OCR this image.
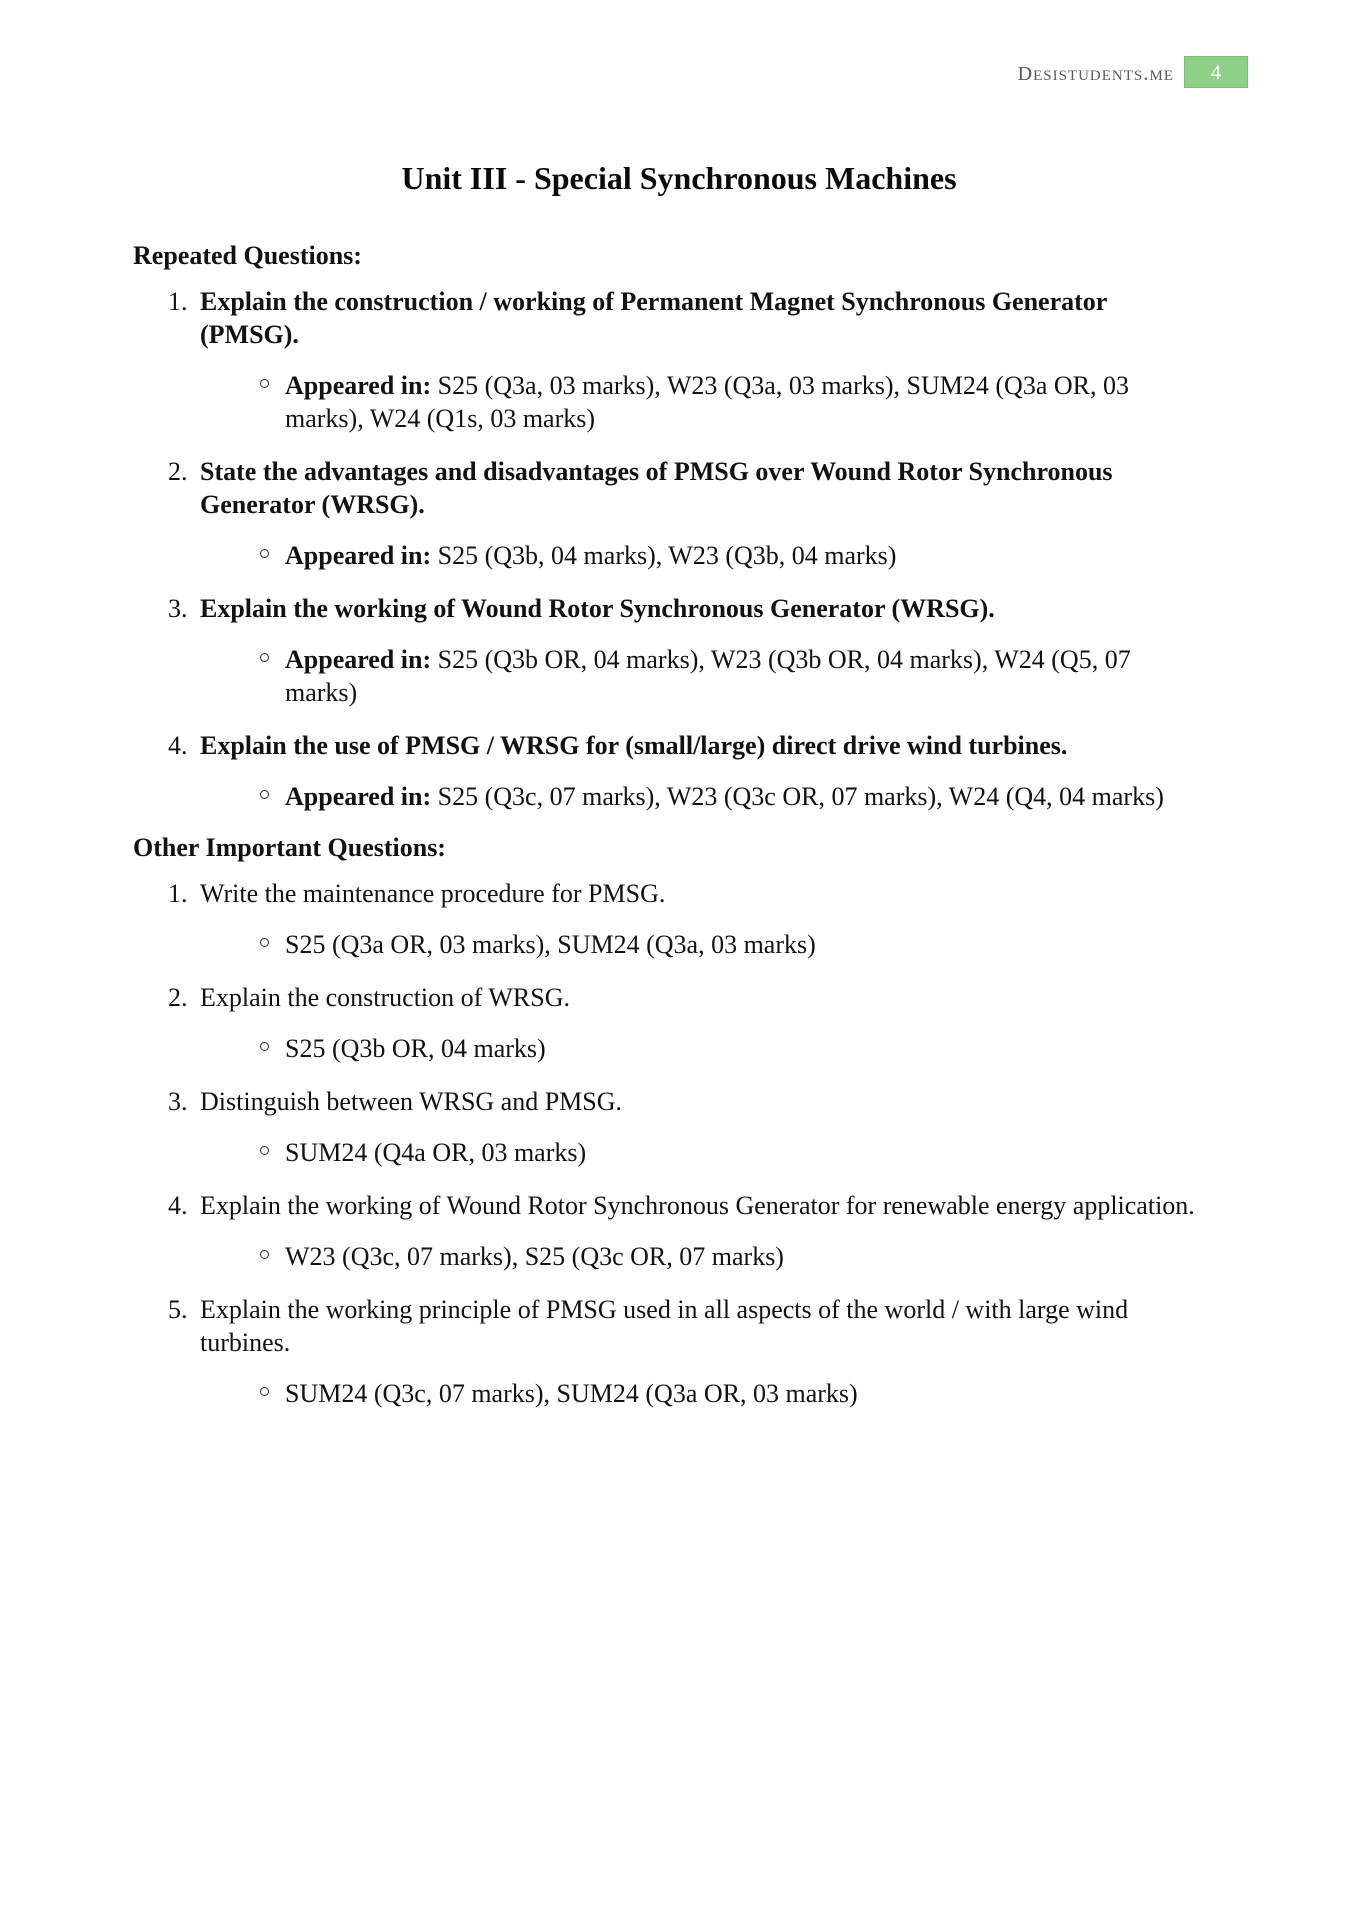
desistudents.me	4
Unit III - Special Synchronous Machines
Repeated Questions:
1. Explain the construction / working of Permanent Magnet Synchronous Generator (PMSG).
Appeared in: S25 (Q3a, 03 marks), W23 (Q3a, 03 marks), SUM24 (Q3a OR, 03 marks), W24 (Q1s, 03 marks)
2. State the advantages and disadvantages of PMSG over Wound Rotor Synchronous Generator (WRSG).
Appeared in: S25 (Q3b, 04 marks), W23 (Q3b, 04 marks)
3. Explain the working of Wound Rotor Synchronous Generator (WRSG).
Appeared in: S25 (Q3b OR, 04 marks), W23 (Q3b OR, 04 marks), W24 (Q5, 07 marks)
4. Explain the use of PMSG / WRSG for (small/large) direct drive wind turbines.
Appeared in: S25 (Q3c, 07 marks), W23 (Q3c OR, 07 marks), W24 (Q4, 04 marks)
Other Important Questions:
1. Write the maintenance procedure for PMSG.
S25 (Q3a OR, 03 marks), SUM24 (Q3a, 03 marks)
2. Explain the construction of WRSG.
S25 (Q3b OR, 04 marks)
3. Distinguish between WRSG and PMSG.
SUM24 (Q4a OR, 03 marks)
4. Explain the working of Wound Rotor Synchronous Generator for renewable energy application.
W23 (Q3c, 07 marks), S25 (Q3c OR, 07 marks)
5. Explain the working principle of PMSG used in all aspects of the world / with large wind turbines.
SUM24 (Q3c, 07 marks), SUM24 (Q3a OR, 03 marks)
